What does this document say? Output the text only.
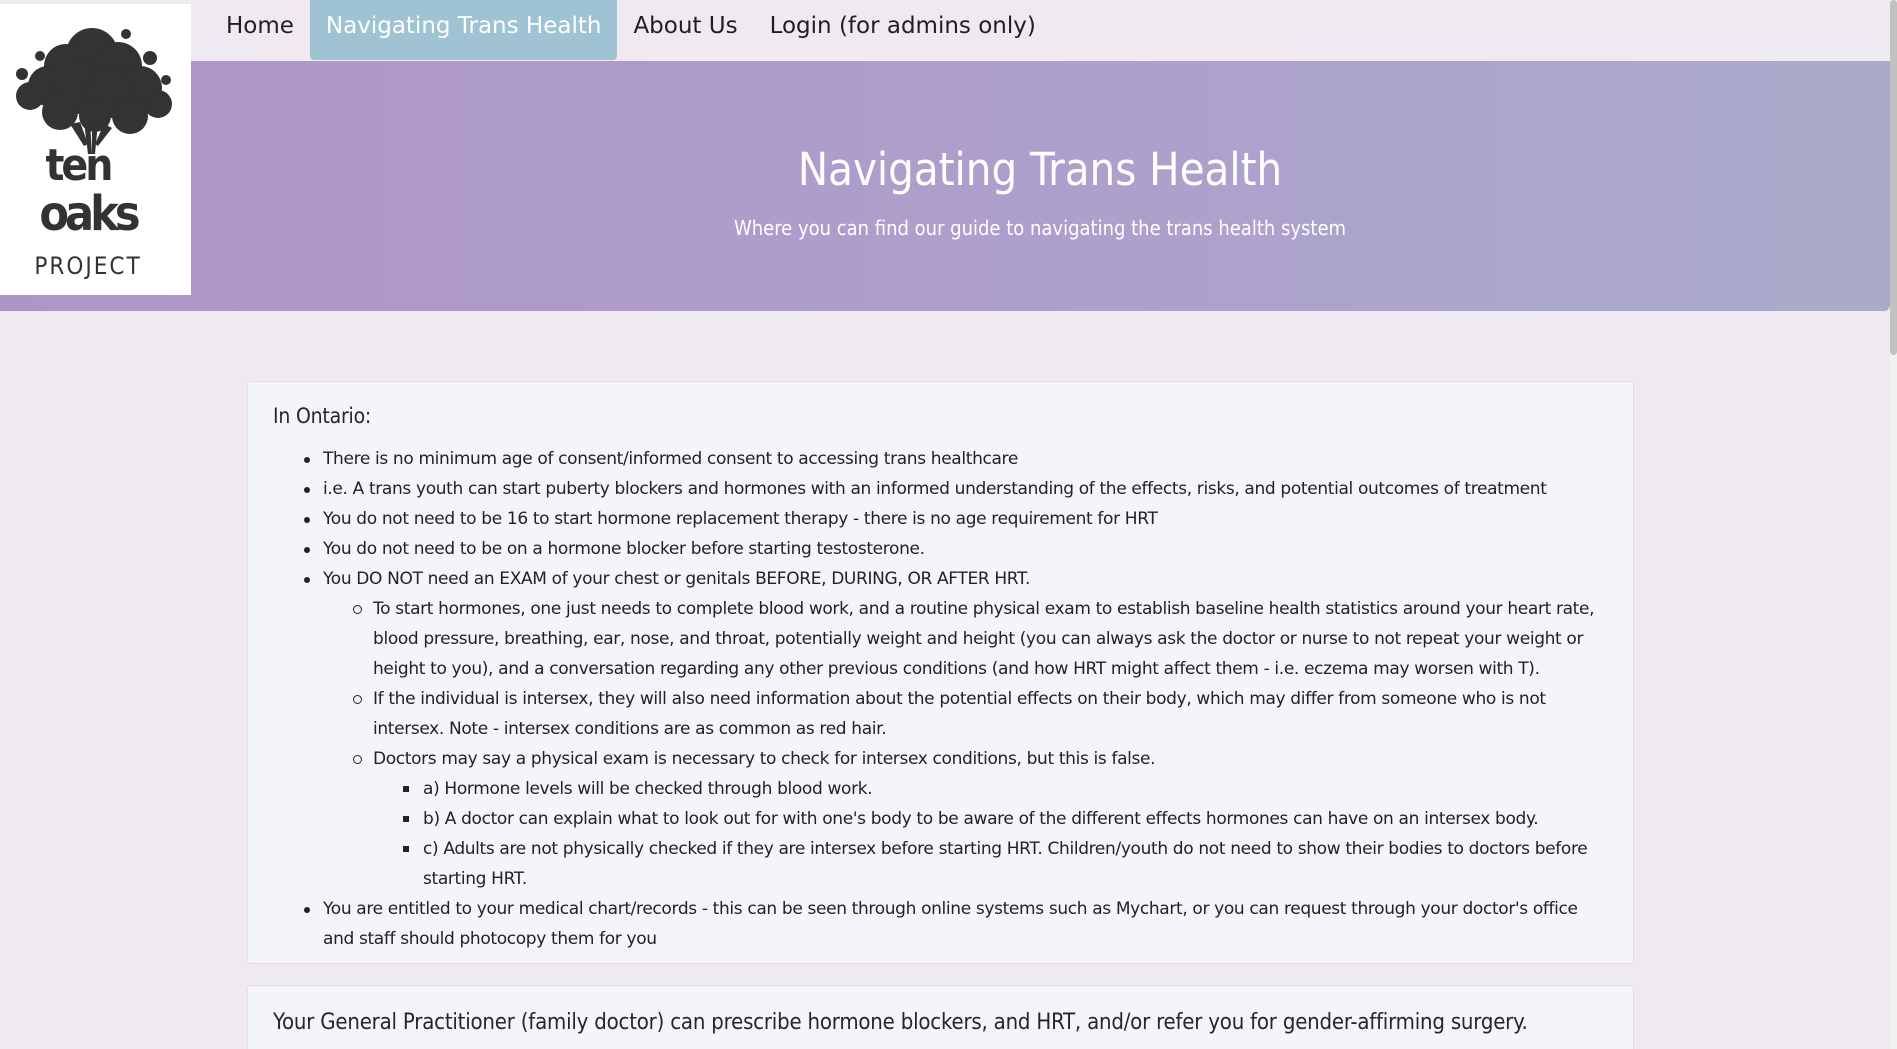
ten
oaks
PROJECT
Home	Navigating Trans Health	About Us	Login (for admins only)
Navigating Trans Health
Where you can find our guide to navigating the trans health system
In Ontario:
There is no minimum age of consent/informed consent to accessing trans healthcare
i.e. A trans youth can start puberty blockers and hormones with an informed understanding of the effects, risks, and potential outcomes of treatment
You do not need to be 16 to start hormone replacement therapy - there is no age requirement for HRT
You do not need to be on a hormone blocker before starting testosterone.
You DO NOT need an EXAM of your chest or genitals BEFORE, DURING, OR AFTER HRT.
To start hormones, one just needs to complete blood work, and a routine physical exam to establish baseline health statistics around your heart rate, blood pressure, breathing, ear, nose, and throat, potentially weight and height (you can always ask the doctor or nurse to not repeat your weight or height to you), and a conversation regarding any other previous conditions (and how HRT might affect them - i.e. eczema may worsen with T).
If the individual is intersex, they will also need information about the potential effects on their body, which may differ from someone who is not intersex. Note - intersex conditions are as common as red hair.
Doctors may say a physical exam is necessary to check for intersex conditions, but this is false.
a) Hormone levels will be checked through blood work.
b) A doctor can explain what to look out for with one's body to be aware of the different effects hormones can have on an intersex body.
c) Adults are not physically checked if they are intersex before starting HRT. Children/youth do not need to show their bodies to doctors before starting HRT.
You are entitled to your medical chart/records - this can be seen through online systems such as Mychart, or you can request through your doctor's office and staff should photocopy them for you
Your General Practitioner (family doctor) can prescribe hormone blockers, and HRT, and/or refer you for gender-affirming surgery.
